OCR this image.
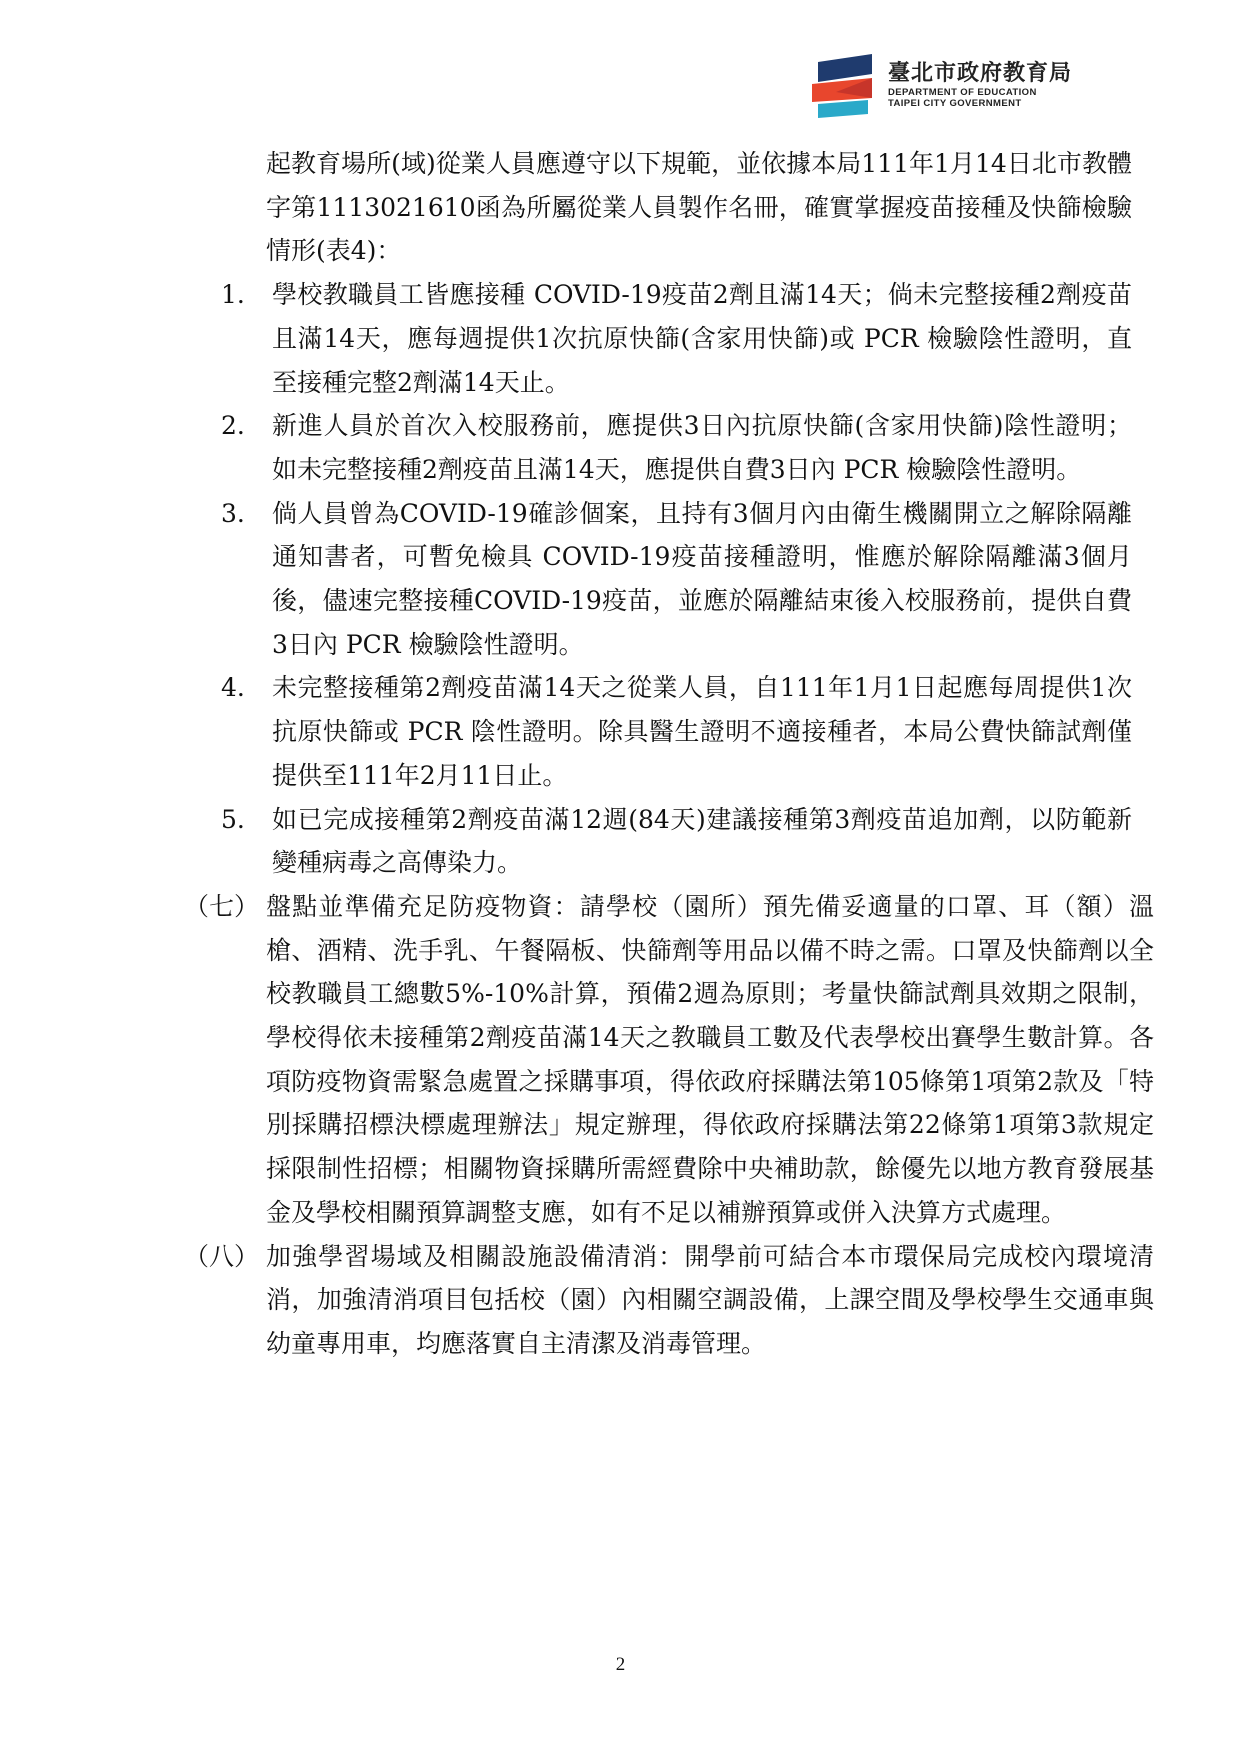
臺北市政府教育局
DEPARTMENT OF EDUCATION
TAIPEI CITY GOVERNMENT
起教育場所(域)從業人員應遵守以下規範，並依據本局111年1月14日北市教體字第1113021610函為所屬從業人員製作名冊，確實掌握疫苗接種及快篩檢驗情形(表4)：
1. 學校教職員工皆應接種 COVID-19疫苗2劑且滿14天；倘未完整接種2劑疫苗且滿14天，應每週提供1次抗原快篩(含家用快篩)或 PCR 檢驗陰性證明，直至接種完整2劑滿14天止。
2. 新進人員於首次入校服務前，應提供3日內抗原快篩(含家用快篩)陰性證明；如未完整接種2劑疫苗且滿14天，應提供自費3日內 PCR 檢驗陰性證明。
3. 倘人員曾為COVID-19確診個案，且持有3個月內由衛生機關開立之解除隔離通知書者，可暫免檢具 COVID-19疫苗接種證明，惟應於解除隔離滿3個月後，儘速完整接種COVID-19疫苗，並應於隔離結束後入校服務前，提供自費3日內 PCR 檢驗陰性證明。
4. 未完整接種第2劑疫苗滿14天之從業人員，自111年1月1日起應每周提供1次抗原快篩或 PCR 陰性證明。除具醫生證明不適接種者，本局公費快篩試劑僅提供至111年2月11日止。
5. 如已完成接種第2劑疫苗滿12週(84天)建議接種第3劑疫苗追加劑，以防範新變種病毒之高傳染力。
（七） 盤點並準備充足防疫物資：請學校（園所）預先備妥適量的口罩、耳（額）溫槍、酒精、洗手乳、午餐隔板、快篩劑等用品以備不時之需。口罩及快篩劑以全校教職員工總數5%-10%計算，預備2週為原則；考量快篩試劑具效期之限制，學校得依未接種第2劑疫苗滿14天之教職員工數及代表學校出賽學生數計算。各項防疫物資需緊急處置之採購事項，得依政府採購法第105條第1項第2款及「特別採購招標決標處理辦法」規定辦理，得依政府採購法第22條第1項第3款規定採限制性招標；相關物資採購所需經費除中央補助款，餘優先以地方教育發展基金及學校相關預算調整支應，如有不足以補辦預算或併入決算方式處理。
（八） 加強學習場域及相關設施設備清消：開學前可結合本市環保局完成校內環境清消，加強清消項目包括校（園）內相關空調設備，上課空間及學校學生交通車與幼童專用車，均應落實自主清潔及消毒管理。
2
